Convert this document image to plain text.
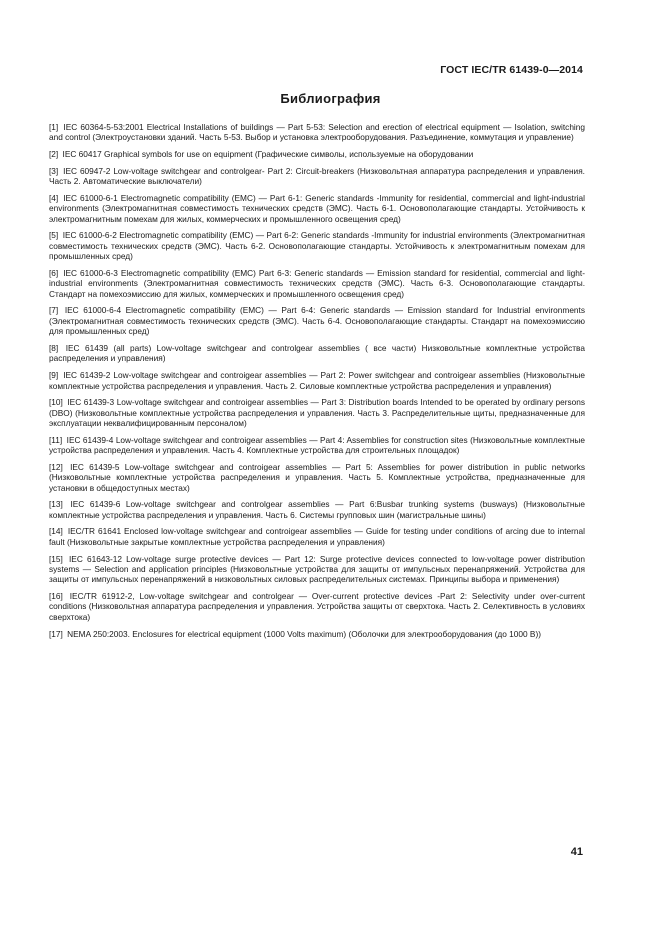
ГОСТ IEC/TR 61439-0—2014
Библиография
[1] IEC 60364-5-53:2001 Electrical Installations of buildings — Part 5-53: Selection and erection of electrical equipment — Isolation, switching and control (Электроустановки зданий. Часть 5-53. Выбор и установка электрооборудования. Разъединение, коммутация и управление)
[2] IEC 60417 Graphical symbols for use on equipment (Графические символы, используемые на оборудовании
[3] IEC 60947-2 Low-voltage switchgear and controlgear- Part 2: Circuit-breakers (Низковольтная аппаратура распределения и управления. Часть 2. Автоматические выключатели)
[4] IEC 61000-6-1 Electromagnetic compatibility (EMC) — Part 6-1: Generic standards -Immunity for residential, commercial and light-industrial environments (Электромагнитная совместимость технических средств (ЭМС). Часть 6-1. Основополагающие стандарты. Устойчивость к электромагнитным помехам для жилых, коммерческих и промышленного освещения сред)
[5] IEC 61000-6-2 Electromagnetic compatibility (EMC) — Part 6-2: Generic standards -Immunity for industrial environments (Электромагнитная совместимость технических средств (ЭМС). Часть 6-2. Основополагающие стандарты. Устойчивость к электромагнитным помехам для промышленных сред)
[6] IEC 61000-6-3 Electromagnetic compatibility (EMC) Part 6-3: Generic standards — Emission standard for residential, commercial and light-industrial environments (Электромагнитная совместимость технических средств (ЭМС). Часть 6-3. Основополагающие стандарты. Стандарт на помехоэмиссию для жилых, коммерческих и промышленного освещения сред)
[7] IEC 61000-6-4 Electromagnetic compatibility (EMC) — Part 6-4: Generic standards — Emission standard for Industrial environments (Электромагнитная совместимость технических средств (ЭМС). Часть 6-4. Основополагающие стандарты. Стандарт на помехоэмиссию для промышленных сред)
[8] IEC 61439 (all parts) Low-voltage switchgear and controlgear assemblies ( все части) Низковольтные комплектные устройства распределения и управления)
[9] IEC 61439-2 Low-voltage switchgear and controigear assemblies — Part 2: Power switchgear and controigear assemblies (Низковольтные комплектные устройства распределения и управления. Часть 2. Силовые комплектные устройства распределения и управления)
[10] IEC 61439-3 Low-voltage switchgear and controigear assemblies — Part 3: Distribution boards Intended to be operated by ordinary persons (DBO) (Низковольтные комплектные устройства распределения и управления. Часть 3. Распределительные щиты, предназначенные для эксплуатации неквалифицированным персоналом)
[11] IEC 61439-4 Low-voltage switchgear and controigear assemblies — Part 4: Assemblies for construction sites (Низковольтные комплектные устройства распределения и управления. Часть 4. Комплектные устройства для строительных площадок)
[12] IEC 61439-5 Low-voltage switchgear and controigear assemblies — Part 5: Assemblies for power distribution in public networks (Низковольтные комплектные устройства распределения и управления. Часть 5. Комплектные устройства, предназначенные для установки в общедоступных местах)
[13] IEC 61439-6 Low-voltage switchgear and controlgear assemblies — Part 6:Busbar trunking systems (busways) (Низковольтные комплектные устройства распределения и управления. Часть 6. Системы групповых шин (магистральные шины)
[14] IEC/TR 61641 Enclosed low-voltage switchgear and controigear assemblies — Guide for testing under conditions of arcing due to internal fault (Низковольтные закрытые комплектные устройства распределения и управления)
[15] IEC 61643-12 Low-voltage surge protective devices — Part 12: Surge protective devices connected to low-voltage power distribution systems — Selection and application principles (Низковольтные устройства для защиты от импульсных перенапряжений. Устройства для защиты от импульсных перенапряжений в низковольтных силовых распределительных системах. Принципы выбора и применения)
[16] IEC/TR 61912-2, Low-voltage switchgear and controlgear — Over-current protective devices -Part 2: Selectivity under over-current conditions (Низковольтная аппаратура распределения и управления. Устройства защиты от сверхтока. Часть 2. Селективность в условиях сверхтока)
[17] NEMA 250:2003. Enclosures for electrical equipment (1000 Volts maximum) (Оболочки для электрооборудования (до 1000 В))
41
